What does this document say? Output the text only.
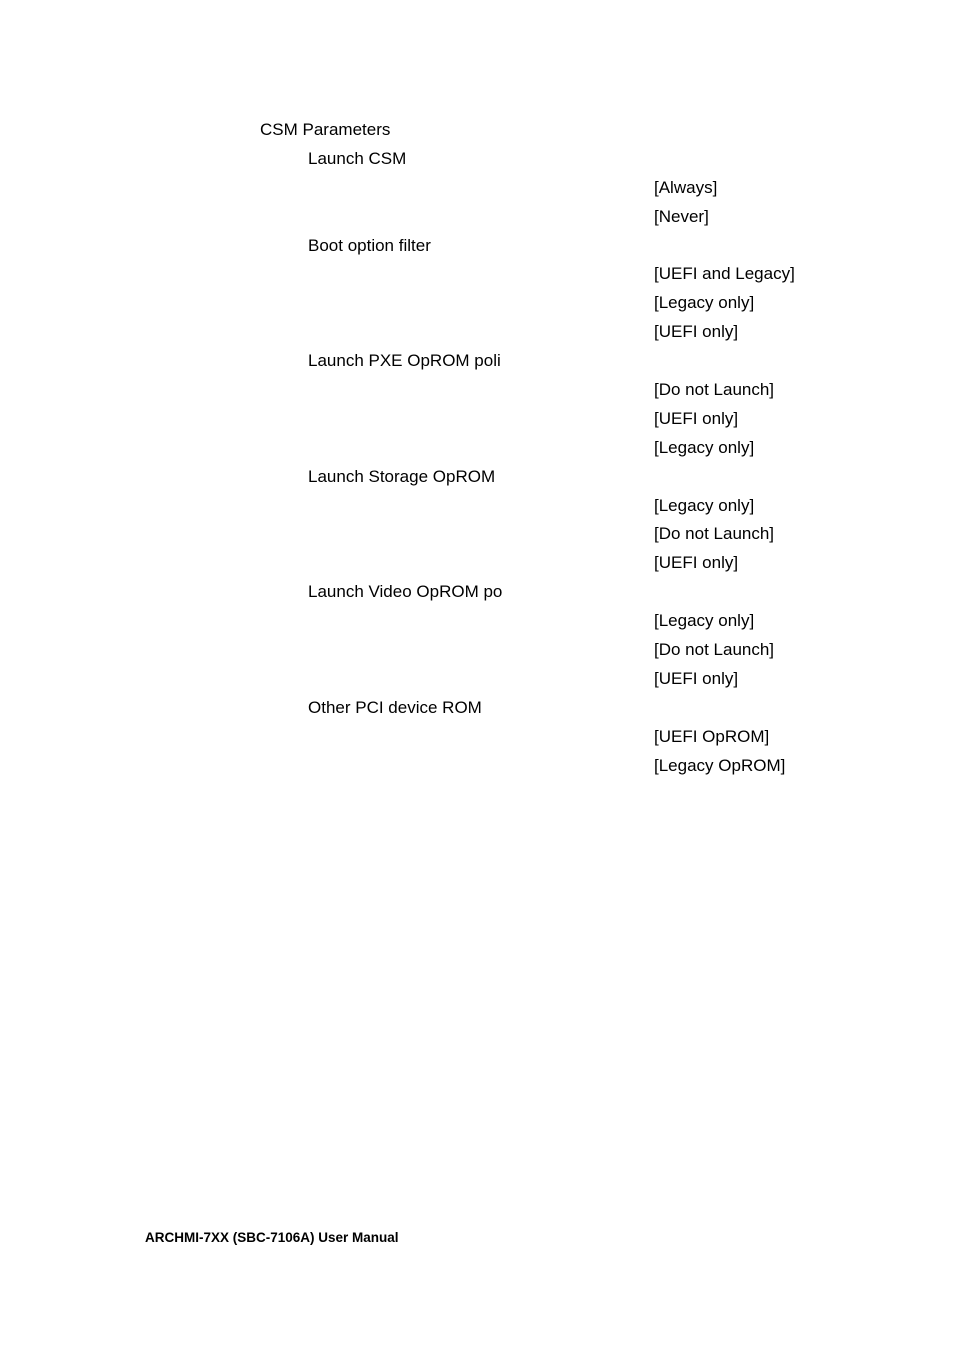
CSM Parameters
Launch CSM
[Always]
[Never]
Boot option filter
[UEFI and Legacy]
[Legacy only]
[UEFI only]
Launch PXE OpROM poli
[Do not Launch]
[UEFI only]
[Legacy only]
Launch Storage OpROM
[Legacy only]
[Do not Launch]
[UEFI only]
Launch Video OpROM po
[Legacy only]
[Do not Launch]
[UEFI only]
Other PCI device ROM
[UEFI OpROM]
[Legacy OpROM]
ARCHMI-7XX (SBC-7106A) User Manual
